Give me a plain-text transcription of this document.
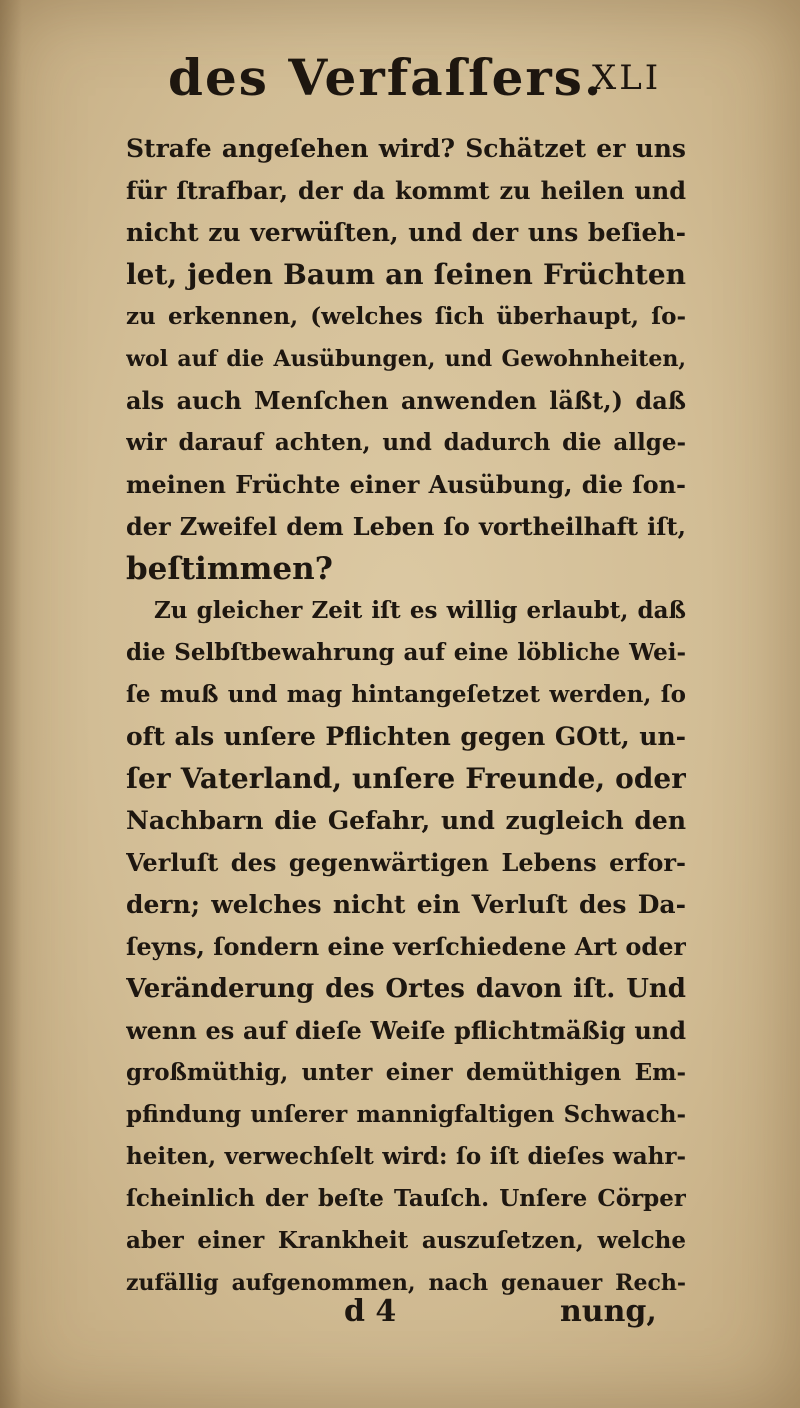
des Verfaſſers.
XLI
Strafe angeſehen wird? Schätzet er uns
für ſtrafbar, der da kommt zu heilen und
nicht zu verwüſten, und der uns beſieh-
let, jeden Baum an ſeinen Früchten
zu erkennen, (welches ſich überhaupt, ſo-
wol auf die Ausübungen, und Gewohnheiten,
als auch Menſchen anwenden läßt,) daß
wir darauf achten, und dadurch die allge-
meinen Früchte einer Ausübung, die ſon-
der Zweifel dem Leben ſo vortheilhaft iſt,
beſtimmen?
Zu gleicher Zeit iſt es willig erlaubt, daß
die Selbſtbewahrung auf eine löbliche Wei-
ſe muß und mag hintangeſetzet werden, ſo
oft als unſere Pflichten gegen GOtt, un-
ſer Vaterland, unſere Freunde, oder
Nachbarn die Gefahr, und zugleich den
Verluſt des gegenwärtigen Lebens erfor-
dern; welches nicht ein Verluſt des Da-
ſeyns, ſondern eine verſchiedene Art oder
Veränderung des Ortes davon iſt. Und
wenn es auf dieſe Weiſe pflichtmäßig und
großmüthig, unter einer demüthigen Em-
pfindung unſerer mannigfaltigen Schwach-
heiten, verwechſelt wird: ſo iſt dieſes wahr-
ſcheinlich der beſte Tauſch. Unſere Cörper
aber einer Krankheit auszuſetzen, welche
zufällig aufgenommen, nach genauer Rech-
d 4	nung,
